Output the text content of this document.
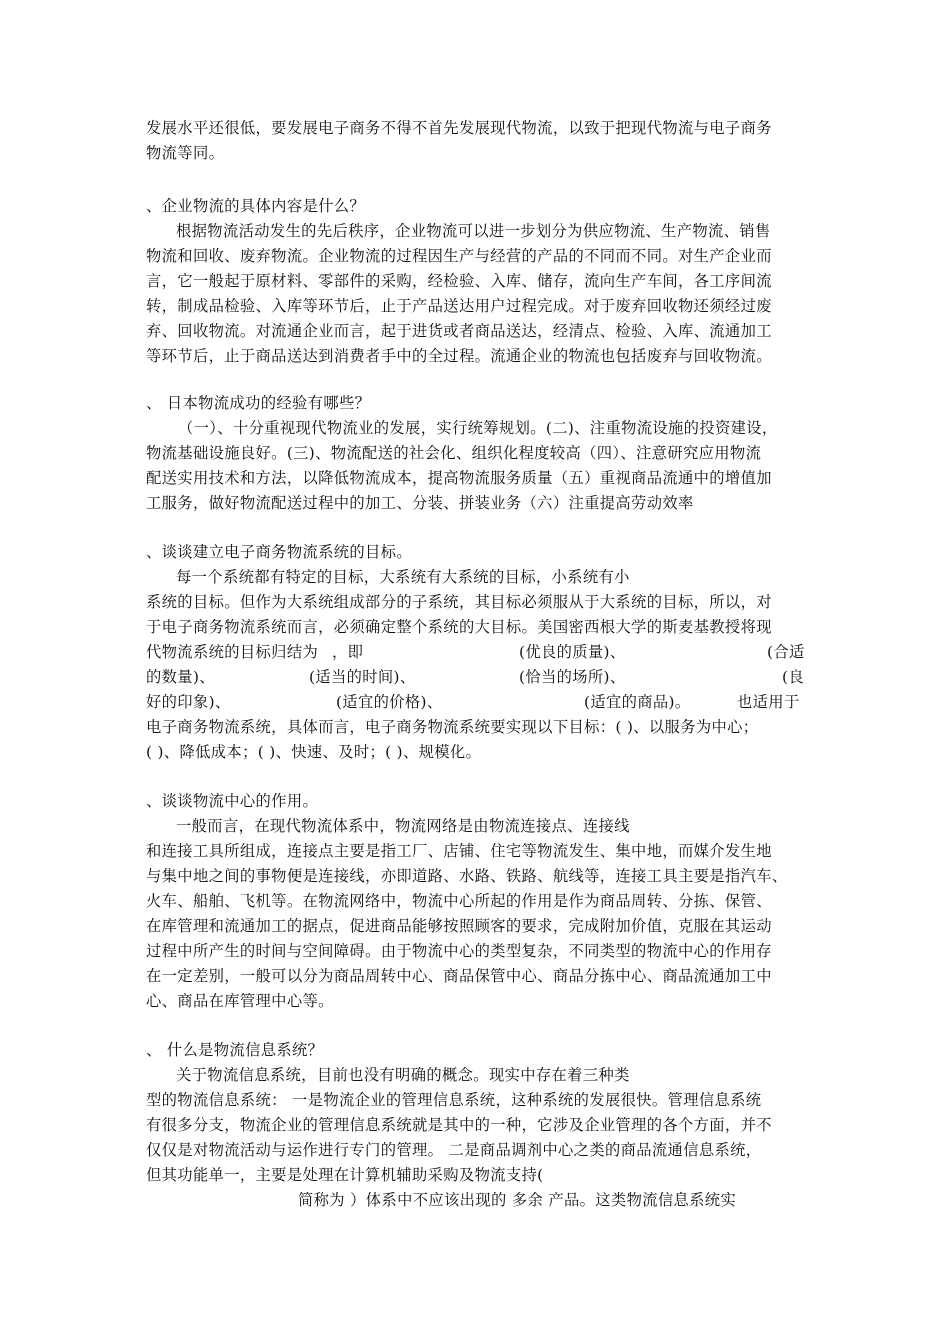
发展水平还很低，要发展电子商务不得不首先发展现代物流，以致于把现代物流与电子商务
物流等同。
、企业物流的具体内容是什么？
根据物流活动发生的先后秩序，企业物流可以进一步划分为供应物流、生产物流、销售
物流和回收、废弃物流。企业物流的过程因生产与经营的产品的不同而不同。对生产企业而
言，它一般起于原材料、零部件的采购，经检验、入库、储存，流向生产车间，各工序间流
转，制成品检验、入库等环节后，止于产品送达用户过程完成。对于废弃回收物还须经过废
弃、回收物流。对流通企业而言，起于进货或者商品送达，经清点、检验、入库、流通加工
等环节后，止于商品送达到消费者手中的全过程。流通企业的物流也包括废弃与回收物流。
、 日本物流成功的经验有哪些？
（一）、十分重视现代物流业的发展，实行统筹规划。(二)、注重物流设施的投资建设，
物流基础设施良好。(三)、物流配送的社会化、组织化程度较高（四）、注意研究应用物流
配送实用技术和方法，以降低物流成本，提高物流服务质量（五）重视商品流通中的增值加
工服务，做好物流配送过程中的加工、分装、拼装业务（六）注重提高劳动效率
、谈谈建立电子商务物流系统的目标。
每一个系统都有特定的目标，大系统有大系统的目标，小系统有小
系统的目标。但作为大系统组成部分的子系统，其目标必须服从于大系统的目标，所以，对
于电子商务物流系统而言，必须确定整个系统的大目标。美国密西根大学的斯麦基教授将现
代物流系统的目标归结为 ，即	(优良的质量)、	(合适
的数量)、	(适当的时间)、	(恰当的场所)、	(良
好的印象)、	(适宜的价格)、	(适宜的商品)。	也适用于
电子商务物流系统，具体而言，电子商务物流系统要实现以下目标：( )、以服务为中心；
( )、降低成本；( )、快速、及时；( )、规模化。
、谈谈物流中心的作用。
一般而言，在现代物流体系中，物流网络是由物流连接点、连接线
和连接工具所组成，连接点主要是指工厂、店铺、住宅等物流发生、集中地，而媒介发生地
与集中地之间的事物便是连接线，亦即道路、水路、铁路、航线等，连接工具主要是指汽车、
火车、船舶、飞机等。在物流网络中，物流中心所起的作用是作为商品周转、分拣、保管、
在库管理和流通加工的据点，促进商品能够按照顾客的要求，完成附加价值，克服在其运动
过程中所产生的时间与空间障碍。由于物流中心的类型复杂，不同类型的物流中心的作用存
在一定差别，一般可以分为商品周转中心、商品保管中心、商品分拣中心、商品流通加工中
心、商品在库管理中心等。
、 什么是物流信息系统？
关于物流信息系统，目前也没有明确的概念。现实中存在着三种类
型的物流信息系统： 一是物流企业的管理信息系统，这种系统的发展很快。管理信息系统
有很多分支，物流企业的管理信息系统就是其中的一种，它涉及企业管理的各个方面，并不
仅仅是对物流活动与运作进行专门的管理。 二是商品调剂中心之类的商品流通信息系统，
但其功能单一，主要是处理在计算机辅助采购及物流支持(
简称为 ）体系中不应该出现的 多余 产品。这类物流信息系统实
